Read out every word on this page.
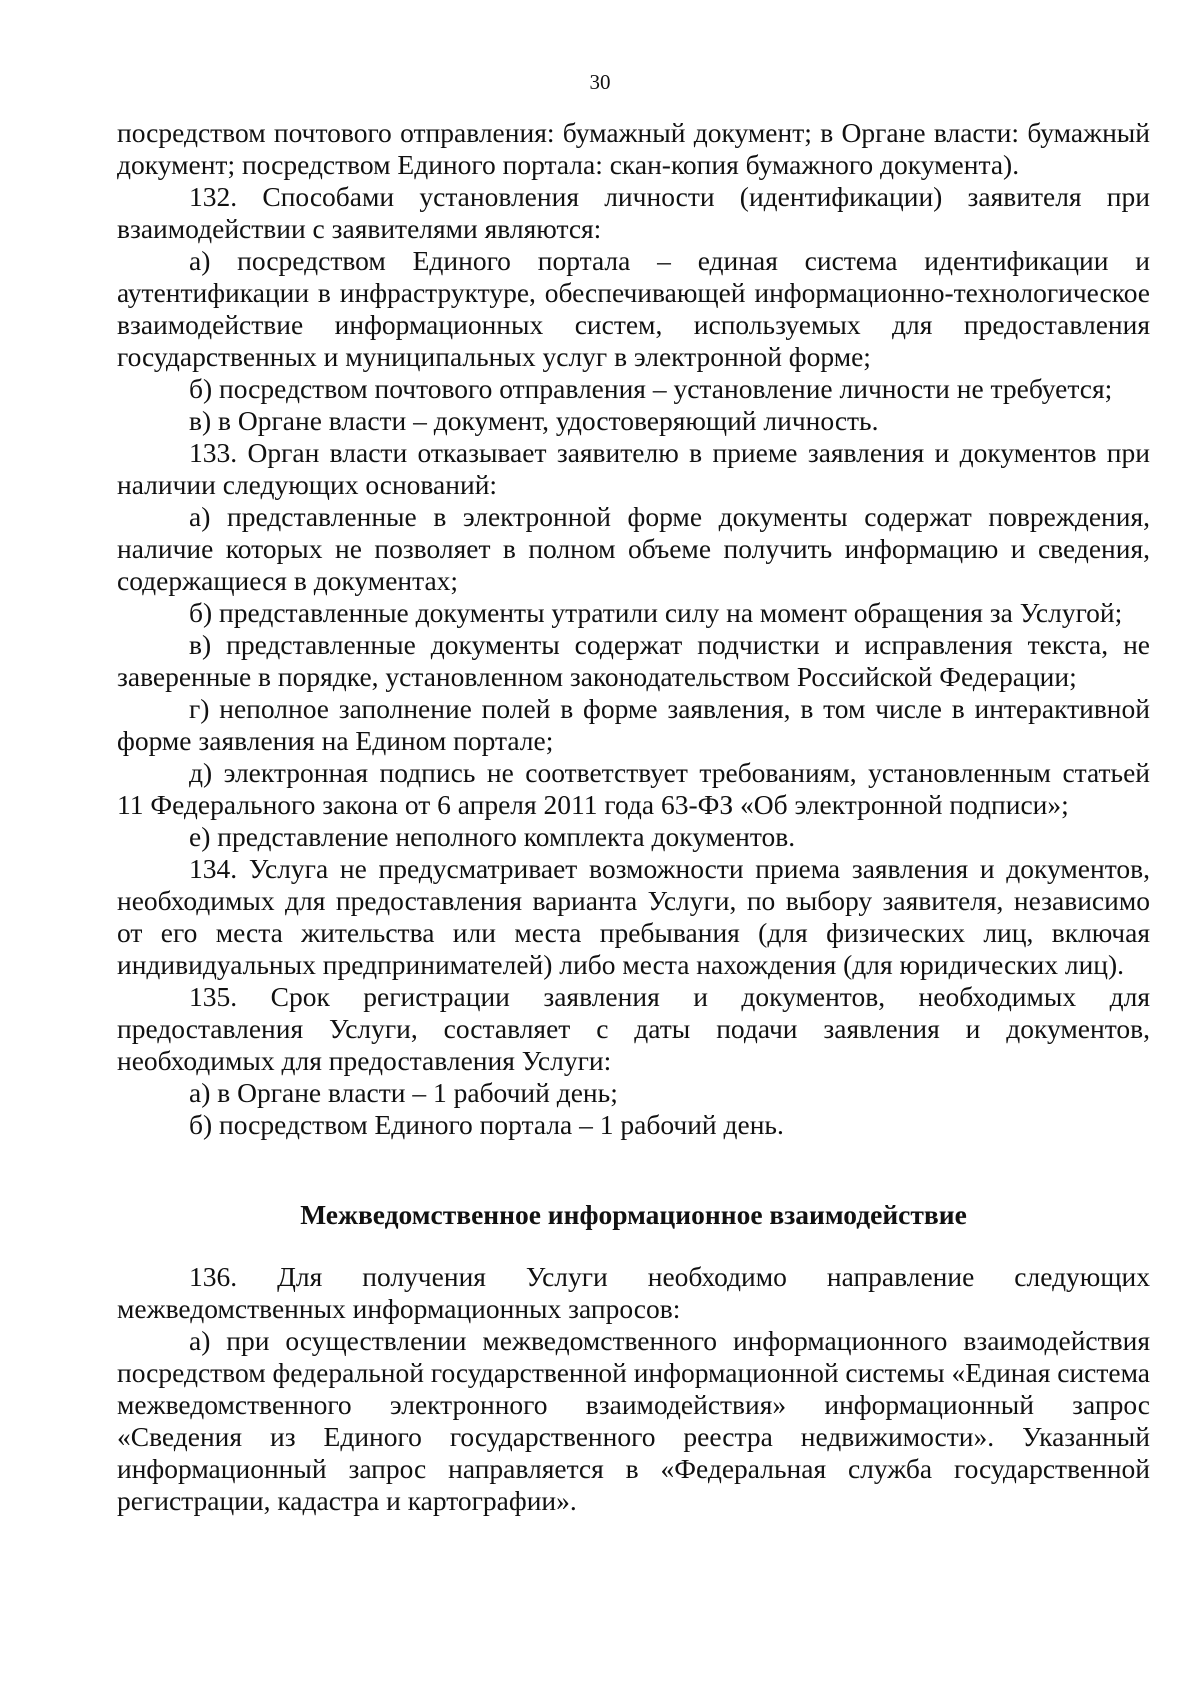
30

посредством почтового отправления: бумажный документ; в Органе власти: бумажный документ; посредством Единого портала: скан-копия бумажного документа).

132. Способами установления личности (идентификации) заявителя при взаимодействии с заявителями являются:

а) посредством Единого портала – единая система идентификации и аутентификации в инфраструктуре, обеспечивающей информационно-технологическое взаимодействие информационных систем, используемых для предоставления государственных и муниципальных услуг в электронной форме;

б) посредством почтового отправления – установление личности не требуется;

в) в Органе власти – документ, удостоверяющий личность.

133. Орган власти отказывает заявителю в приеме заявления и документов при наличии следующих оснований:

а) представленные в электронной форме документы содержат повреждения, наличие которых не позволяет в полном объеме получить информацию и сведения, содержащиеся в документах;

б) представленные документы утратили силу на момент обращения за Услугой;

в) представленные документы содержат подчистки и исправления текста, не заверенные в порядке, установленном законодательством Российской Федерации;

г) неполное заполнение полей в форме заявления, в том числе в интерактивной форме заявления на Едином портале;

д) электронная подпись не соответствует требованиям, установленным статьей 11 Федерального закона от 6 апреля 2011 года 63-ФЗ «Об электронной подписи»;

е) представление неполного комплекта документов.

134. Услуга не предусматривает возможности приема заявления и документов, необходимых для предоставления варианта Услуги, по выбору заявителя, независимо от его места жительства или места пребывания (для физических лиц, включая индивидуальных предпринимателей) либо места нахождения (для юридических лиц).

135. Срок регистрации заявления и документов, необходимых для предоставления Услуги, составляет с даты подачи заявления и документов, необходимых для предоставления Услуги:

а) в Органе власти – 1 рабочий день;

б) посредством Единого портала – 1 рабочий день.

Межведомственное информационное взаимодействие

136. Для получения Услуги необходимо направление следующих межведомственных информационных запросов:

а) при осуществлении межведомственного информационного взаимодействия посредством федеральной государственной информационной системы «Единая система межведомственного электронного взаимодействия» информационный запрос «Сведения из Единого государственного реестра недвижимости». Указанный информационный запрос направляется в «Федеральная служба государственной регистрации, кадастра и картографии».
